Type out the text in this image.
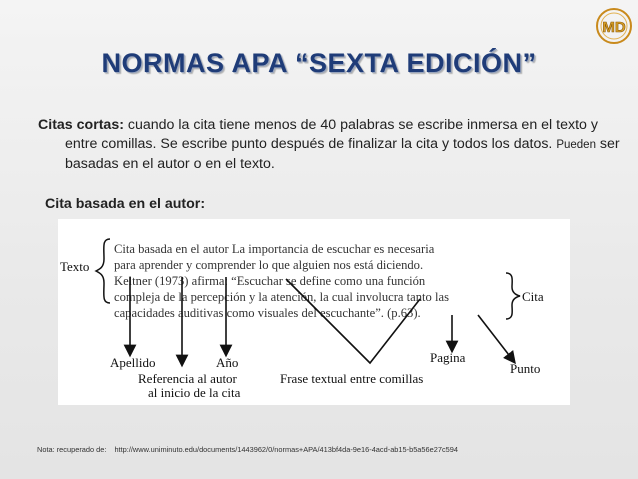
MD
NORMAS APA “SEXTA EDICIÓN”
Citas cortas: cuando la cita tiene menos de 40 palabras se escribe inmersa en el texto y entre comillas. Se escribe punto después de finalizar la cita y todos los datos. Pueden ser basadas en el autor o en el texto.
Cita basada en el autor:
Texto
Cita basada en el autor La importancia de escuchar es necesaria
para aprender y comprender lo que alguien nos está diciendo.
Keltner (1973) afirma: “Escuchar se define como una función
compleja de la percepción y la atención, la cual involucra tanto las
capacidades auditivas como visuales del escuchante”. (p.63).
Cita
Apellido	Año
Referencia al autor
al inicio de la cita
Frase textual entre comillas
Pagina
Punto
Nota: recuperado de: http://www.uniminuto.edu/documents/1443962/0/normas+APA/413bf4da-9e16-4acd-ab15-b5a56e27c594
